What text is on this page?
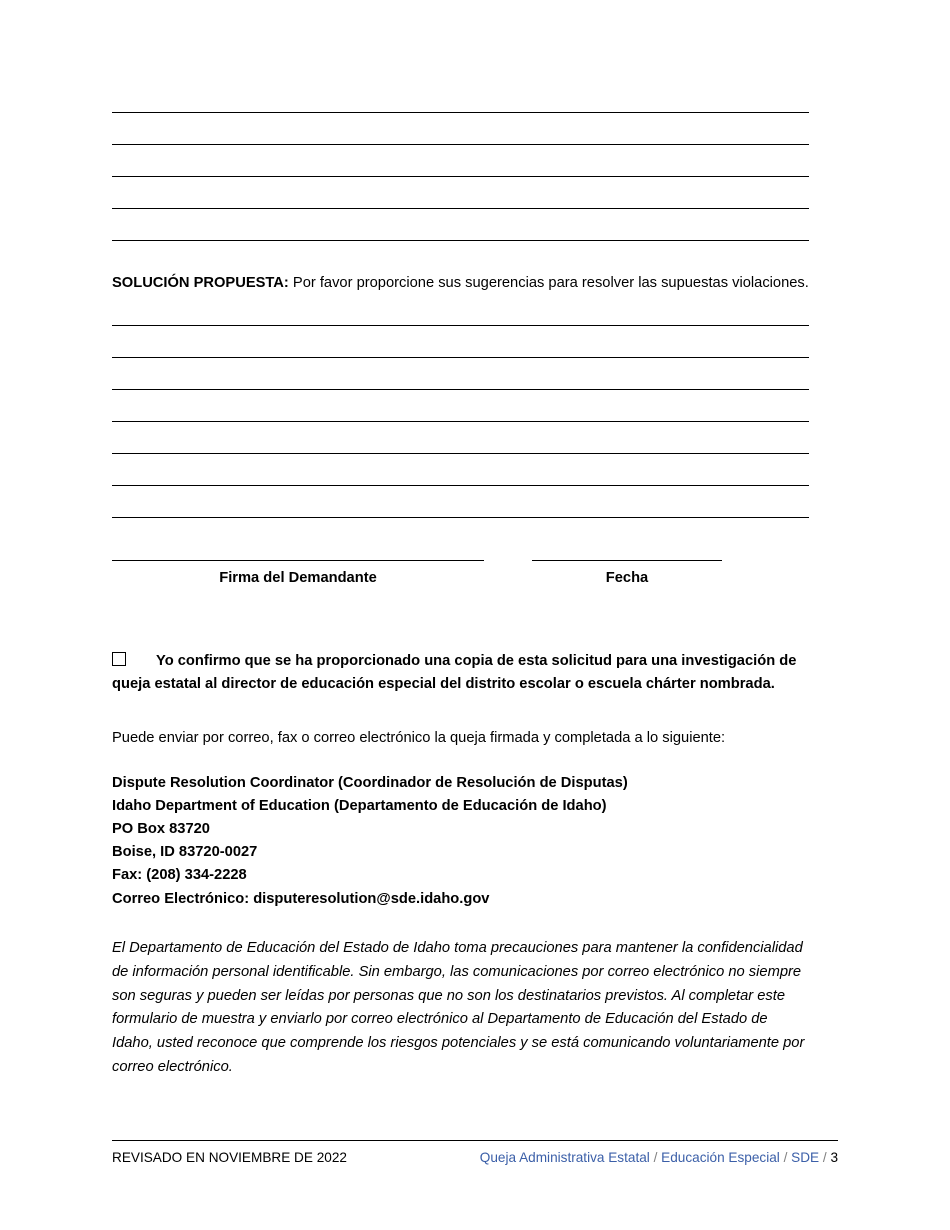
SOLUCIÓN PROPUESTA: Por favor proporcione sus sugerencias para resolver las supuestas violaciones.
Firma del Demandante	Fecha
Yo confirmo que se ha proporcionado una copia de esta solicitud para una investigación de queja estatal al director de educación especial del distrito escolar o escuela chárter nombrada.
Puede enviar por correo, fax o correo electrónico la queja firmada y completada a lo siguiente:
Dispute Resolution Coordinator (Coordinador de Resolución de Disputas)
Idaho Department of Education (Departamento de Educación de Idaho)
PO Box 83720
Boise, ID 83720-0027
Fax: (208) 334-2228
Correo Electrónico: disputeresolution@sde.idaho.gov
El Departamento de Educación del Estado de Idaho toma precauciones para mantener la confidencialidad de información personal identificable. Sin embargo, las comunicaciones por correo electrónico no siempre son seguras y pueden ser leídas por personas que no son los destinatarios previstos. Al completar este formulario de muestra y enviarlo por correo electrónico al Departamento de Educación del Estado de Idaho, usted reconoce que comprende los riesgos potenciales y se está comunicando voluntariamente por correo electrónico.
REVISADO EN NOVIEMBRE DE 2022	Queja Administrativa Estatal / Educación Especial / SDE / 3
